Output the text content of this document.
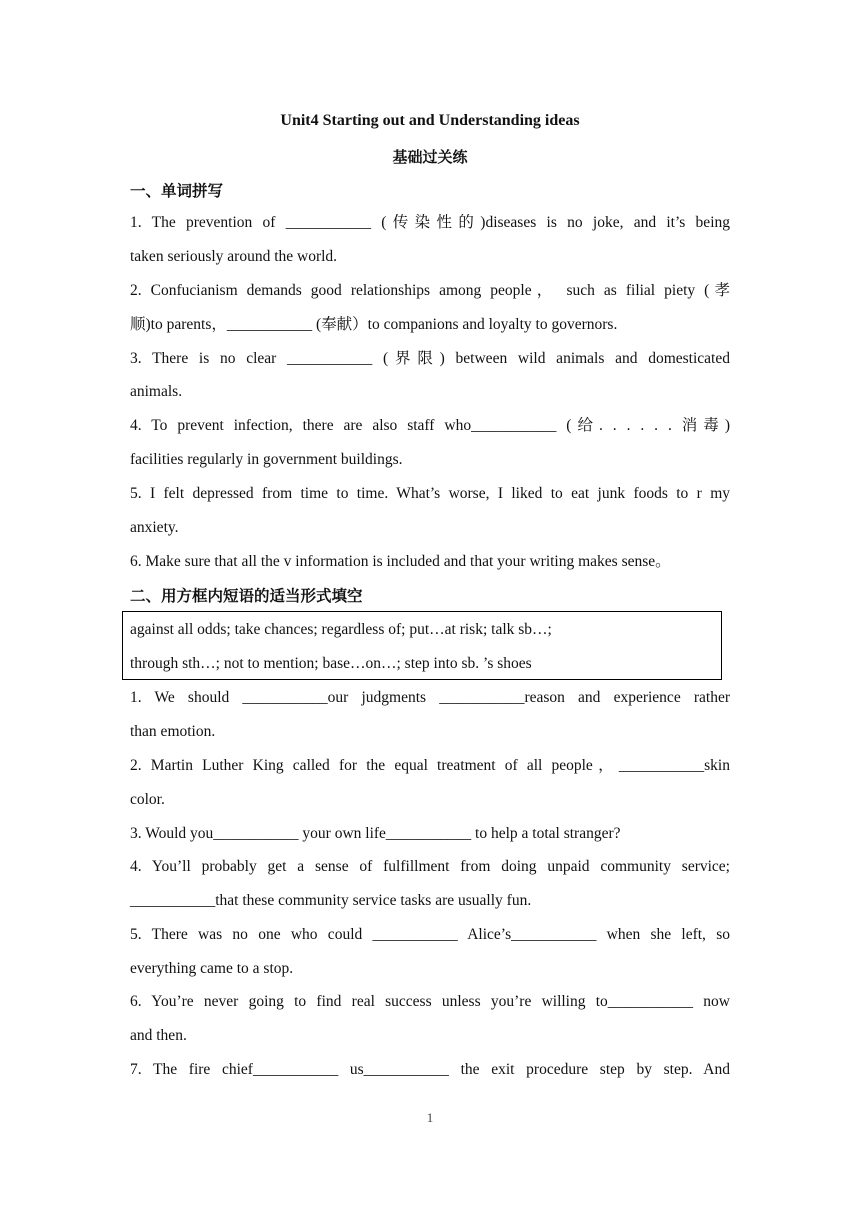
Unit4 Starting out and Understanding ideas
基础过关练
一、单词拼写
1. The prevention of ___________ (传染性的)diseases is no joke, and it’s being
taken seriously around the world.
2. Confucianism demands good relationships among people， such as filial piety (孝
顺)to parents，___________ (奉献）to companions and loyalty to governors.
3. There is no clear ___________ (界限) between wild animals and domesticated
animals.
4. To prevent infection, there are also staff who___________ (给. . . . . . 消毒)
facilities regularly in government buildings.
5. I felt depressed from time to time. What’s worse, I liked to eat junk foods to r my
anxiety.
6. Make sure that all the v information is included and that your writing makes sense。
二、用方框内短语的适当形式填空
against all odds; take chances; regardless of; put…at risk; talk sb…;
through sth…; not to mention; base…on…; step into sb. ’s shoes
1. We should ___________our judgments ___________reason and experience rather
than emotion.
2. Martin Luther King called for the equal treatment of all people，___________skin
color.
3. Would you___________ your own life___________ to help a total stranger?
4. You’ll probably get a sense of fulfillment from doing unpaid community service;
___________that these community service tasks are usually fun.
5. There was no one who could ___________ Alice’s___________ when she left, so
everything came to a stop.
6. You’re never going to find real success unless you’re willing to___________ now
and then.
7. The fire chief___________ us___________ the exit procedure step by step. And
1
